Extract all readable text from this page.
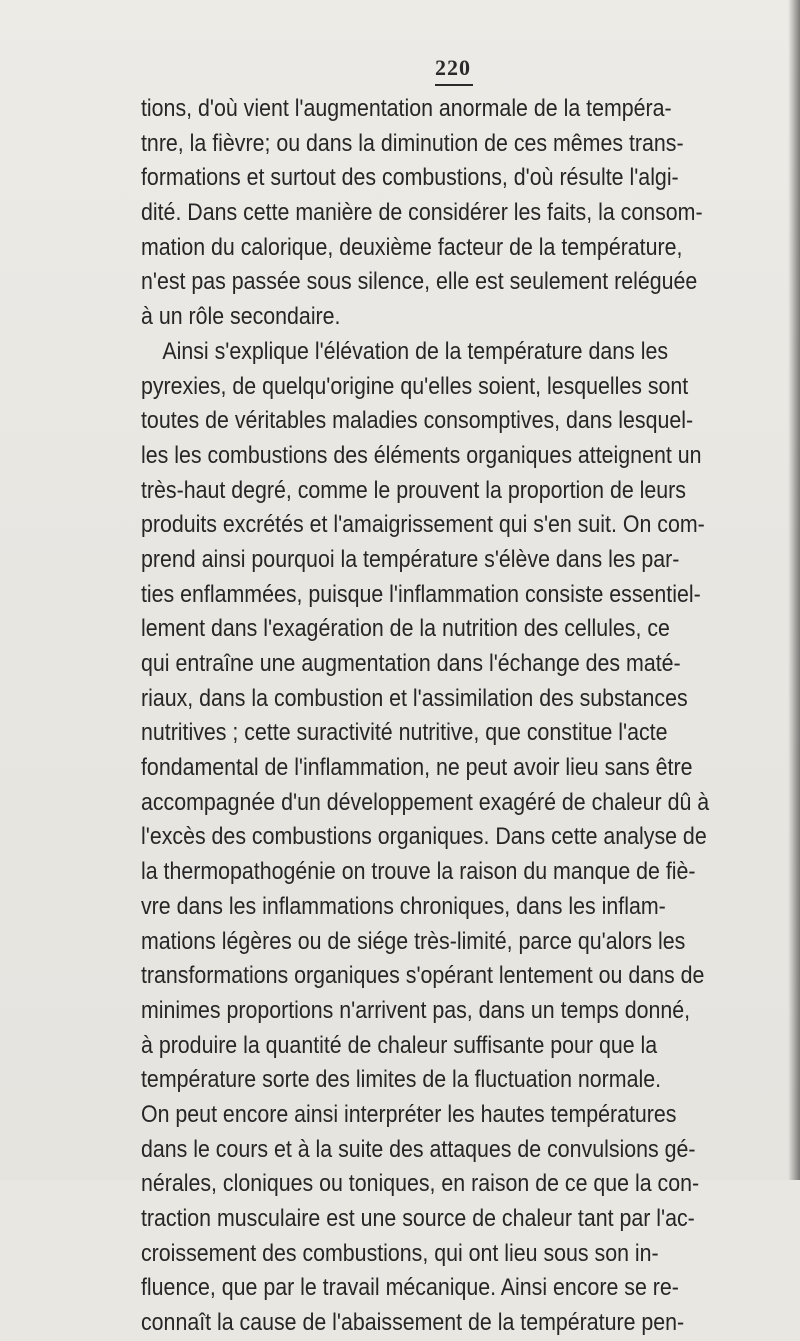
220
tions, d'où vient l'augmentation anormale de la tempéra-
tnre, la fièvre; ou dans la diminution de ces mêmes trans-
formations et surtout des combustions, d'où résulte l'algi-
dité. Dans cette manière de considérer les faits, la consom-
mation du calorique, deuxième facteur de la température,
n'est pas passée sous silence, elle est seulement reléguée
à un rôle secondaire.
Ainsi s'explique l'élévation de la température dans les
pyrexies, de quelqu'origine qu'elles soient, lesquelles sont
toutes de véritables maladies consomptives, dans lesquel-
les les combustions des éléments organiques atteignent un
très-haut degré, comme le prouvent la proportion de leurs
produits excrétés et l'amaigrissement qui s'en suit. On com-
prend ainsi pourquoi la température s'élève dans les par-
ties enflammées, puisque l'inflammation consiste essentiel-
lement dans l'exagération de la nutrition des cellules, ce
qui entraîne une augmentation dans l'échange des maté-
riaux, dans la combustion et l'assimilation des substances
nutritives ; cette suractivité nutritive, que constitue l'acte
fondamental de l'inflammation, ne peut avoir lieu sans être
accompagnée d'un développement exagéré de chaleur dû à
l'excès des combustions organiques. Dans cette analyse de
la thermopathogénie on trouve la raison du manque de fiè-
vre dans les inflammations chroniques, dans les inflam-
mations légères ou de siége très-limité, parce qu'alors les
transformations organiques s'opérant lentement ou dans de
minimes proportions n'arrivent pas, dans un temps donné,
à produire la quantité de chaleur suffisante pour que la
température sorte des limites de la fluctuation normale.
On peut encore ainsi interpréter les hautes températures
dans le cours et à la suite des attaques de convulsions gé-
nérales, cloniques ou toniques, en raison de ce que la con-
traction musculaire est une source de chaleur tant par l'ac-
croissement des combustions, qui ont lieu sous son in-
fluence, que par le travail mécanique. Ainsi encore se re-
connaît la cause de l'abaissement de la température pen-
